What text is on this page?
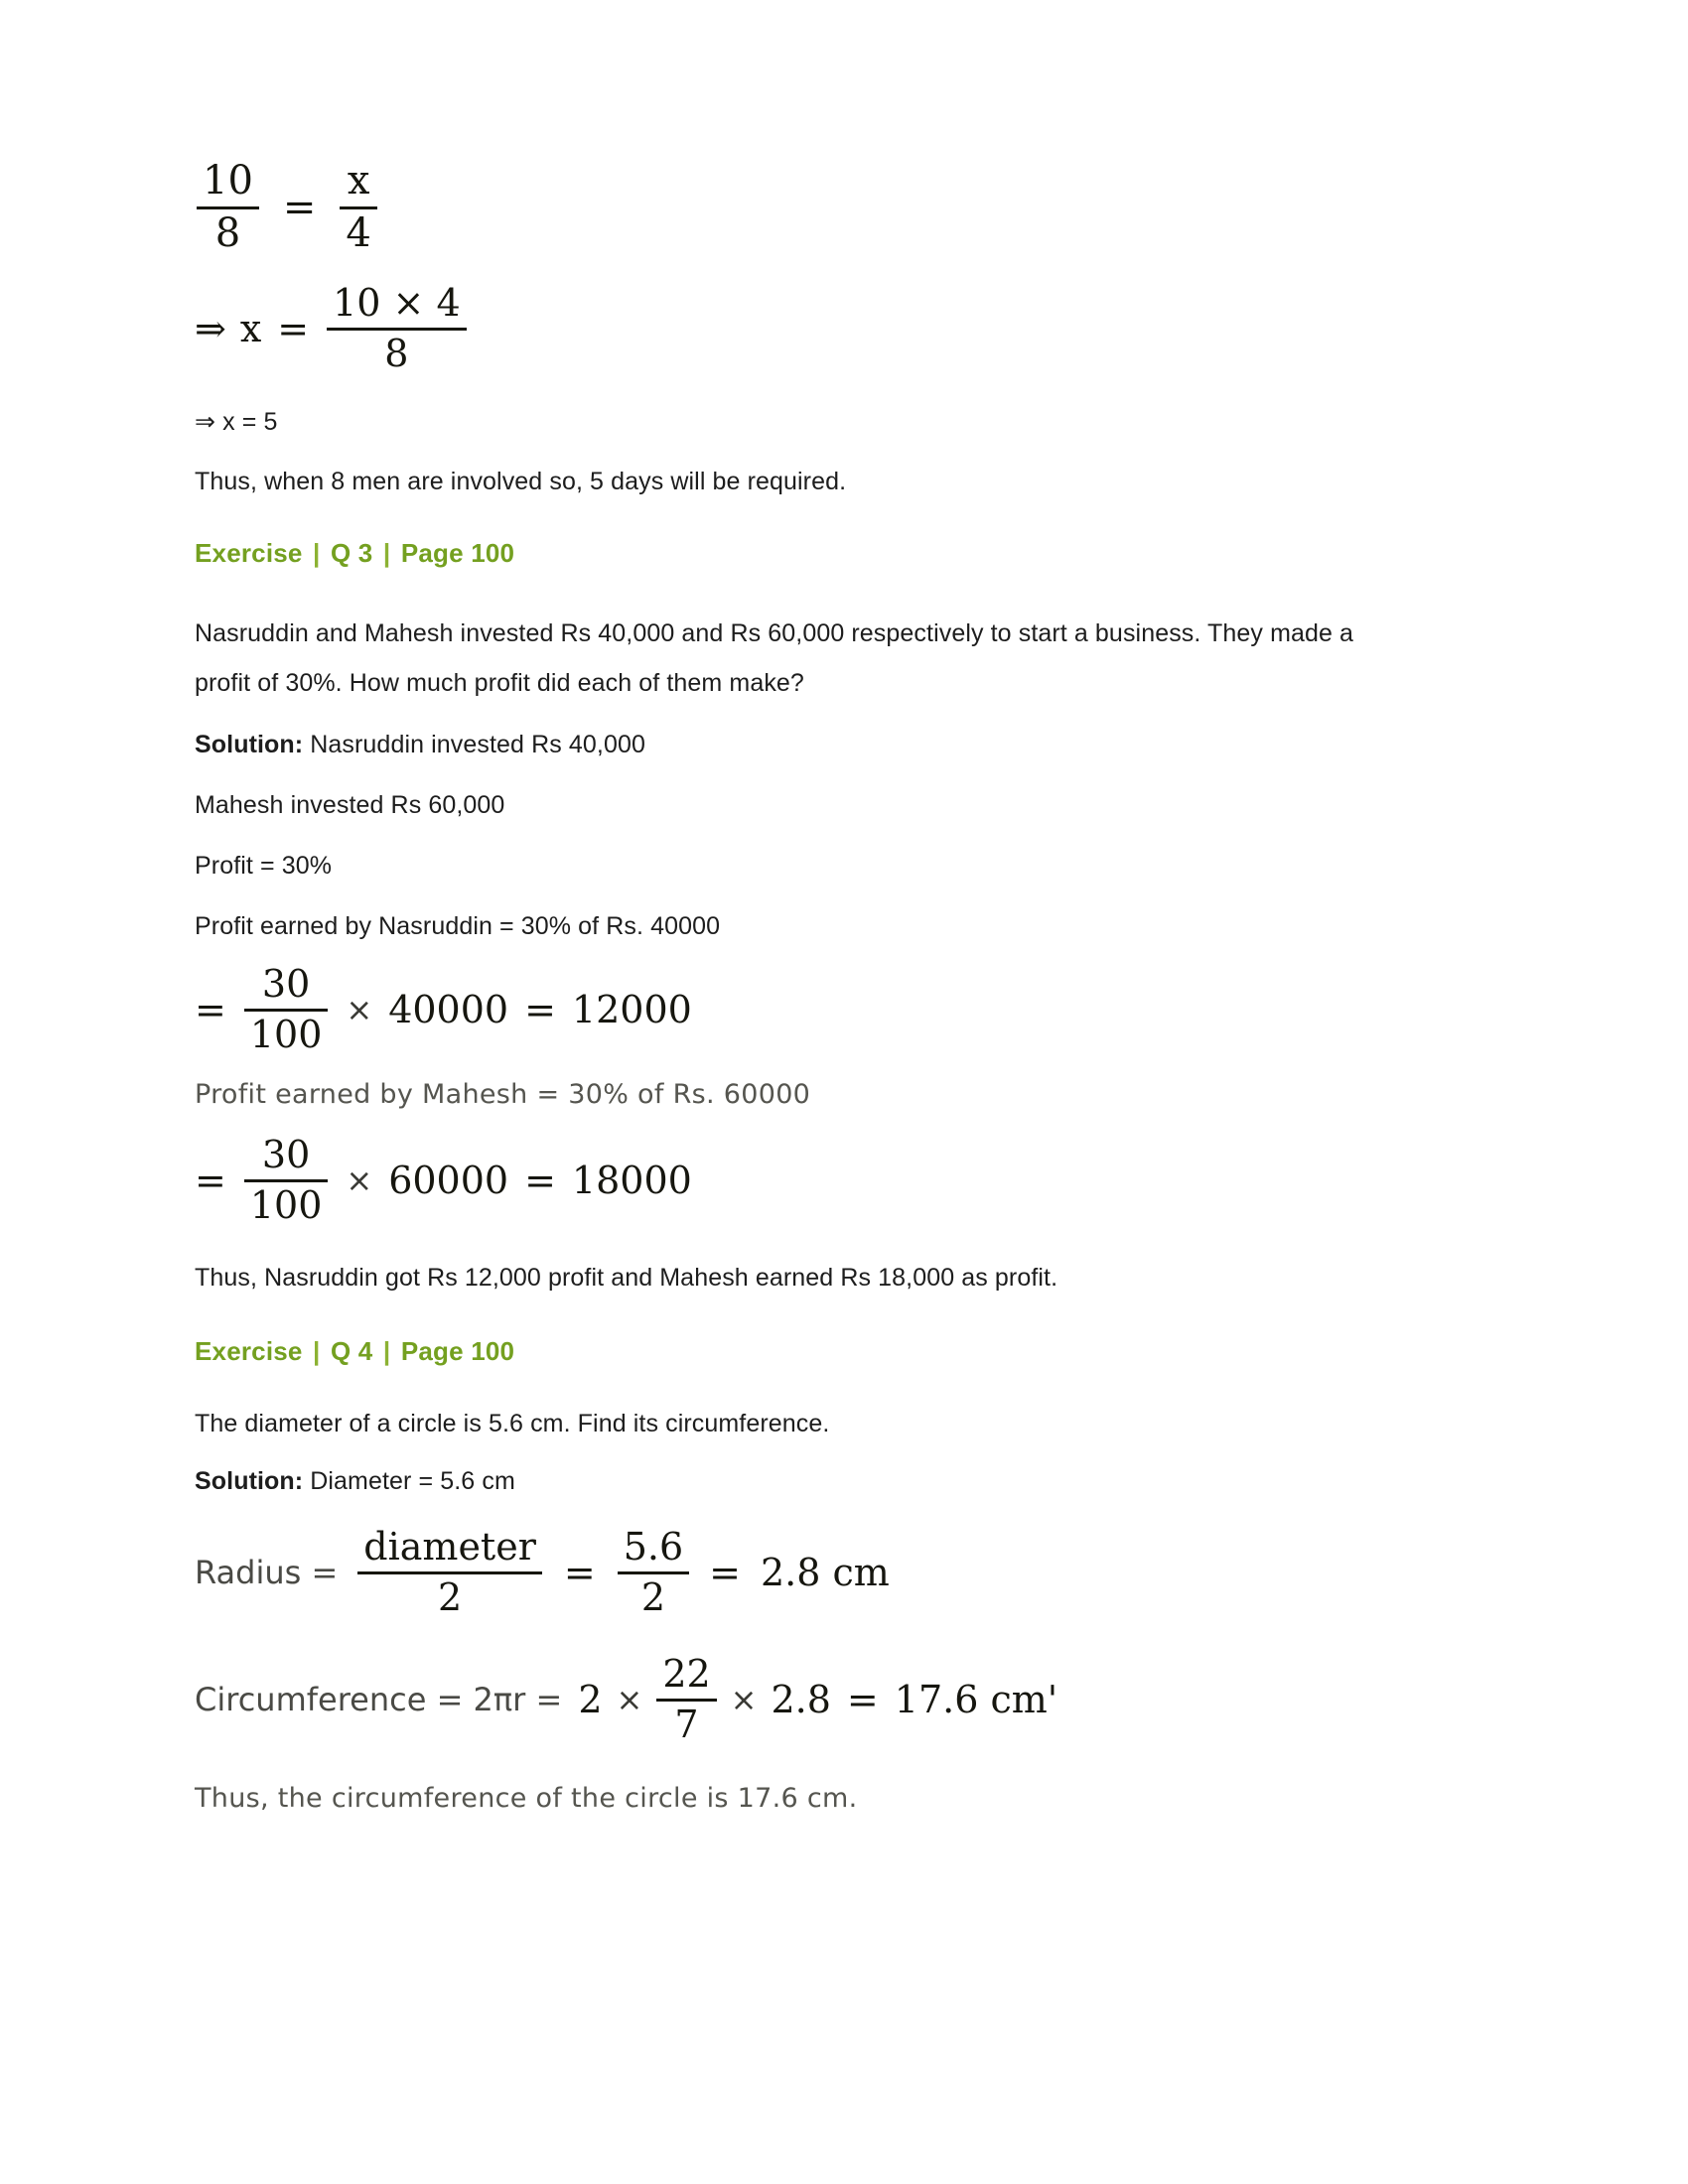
$\frac{10}{8} = \frac{x}{4}$
⇒ $x = \frac{10 \times 4}{8}$
⇒ x = 5
Thus, when 8 men are involved so, 5 days will be required.
Exercise | Q 3 | Page 100
Nasruddin and Mahesh invested Rs 40,000 and Rs 60,000 respectively to start a business. They made a profit of 30%. How much profit did each of them make?
Solution: Nasruddin invested Rs 40,000
Mahesh invested Rs 60,000
Profit = 30%
Profit earned by Nasruddin = 30% of Rs. 40000
= $\frac{30}{100} \times 40000 = 12000$
Profit earned by Mahesh = 30% of Rs. 60000
= $\frac{30}{100} \times 60000 = 18000$
Thus, Nasruddin got Rs 12,000 profit and Mahesh earned Rs 18,000 as profit.
Exercise | Q 4 | Page 100
The diameter of a circle is 5.6 cm. Find its circumference.
Solution: Diameter = 5.6 cm
Radius = $\frac{\text{diameter}}{2} = \frac{5.6}{2} = 2.8$ cm
Circumference = $2\pi r = 2 \times \frac{22}{7} \times 2.8 = 17.6$ cm'
Thus, the circumference of the circle is 17.6 cm.
